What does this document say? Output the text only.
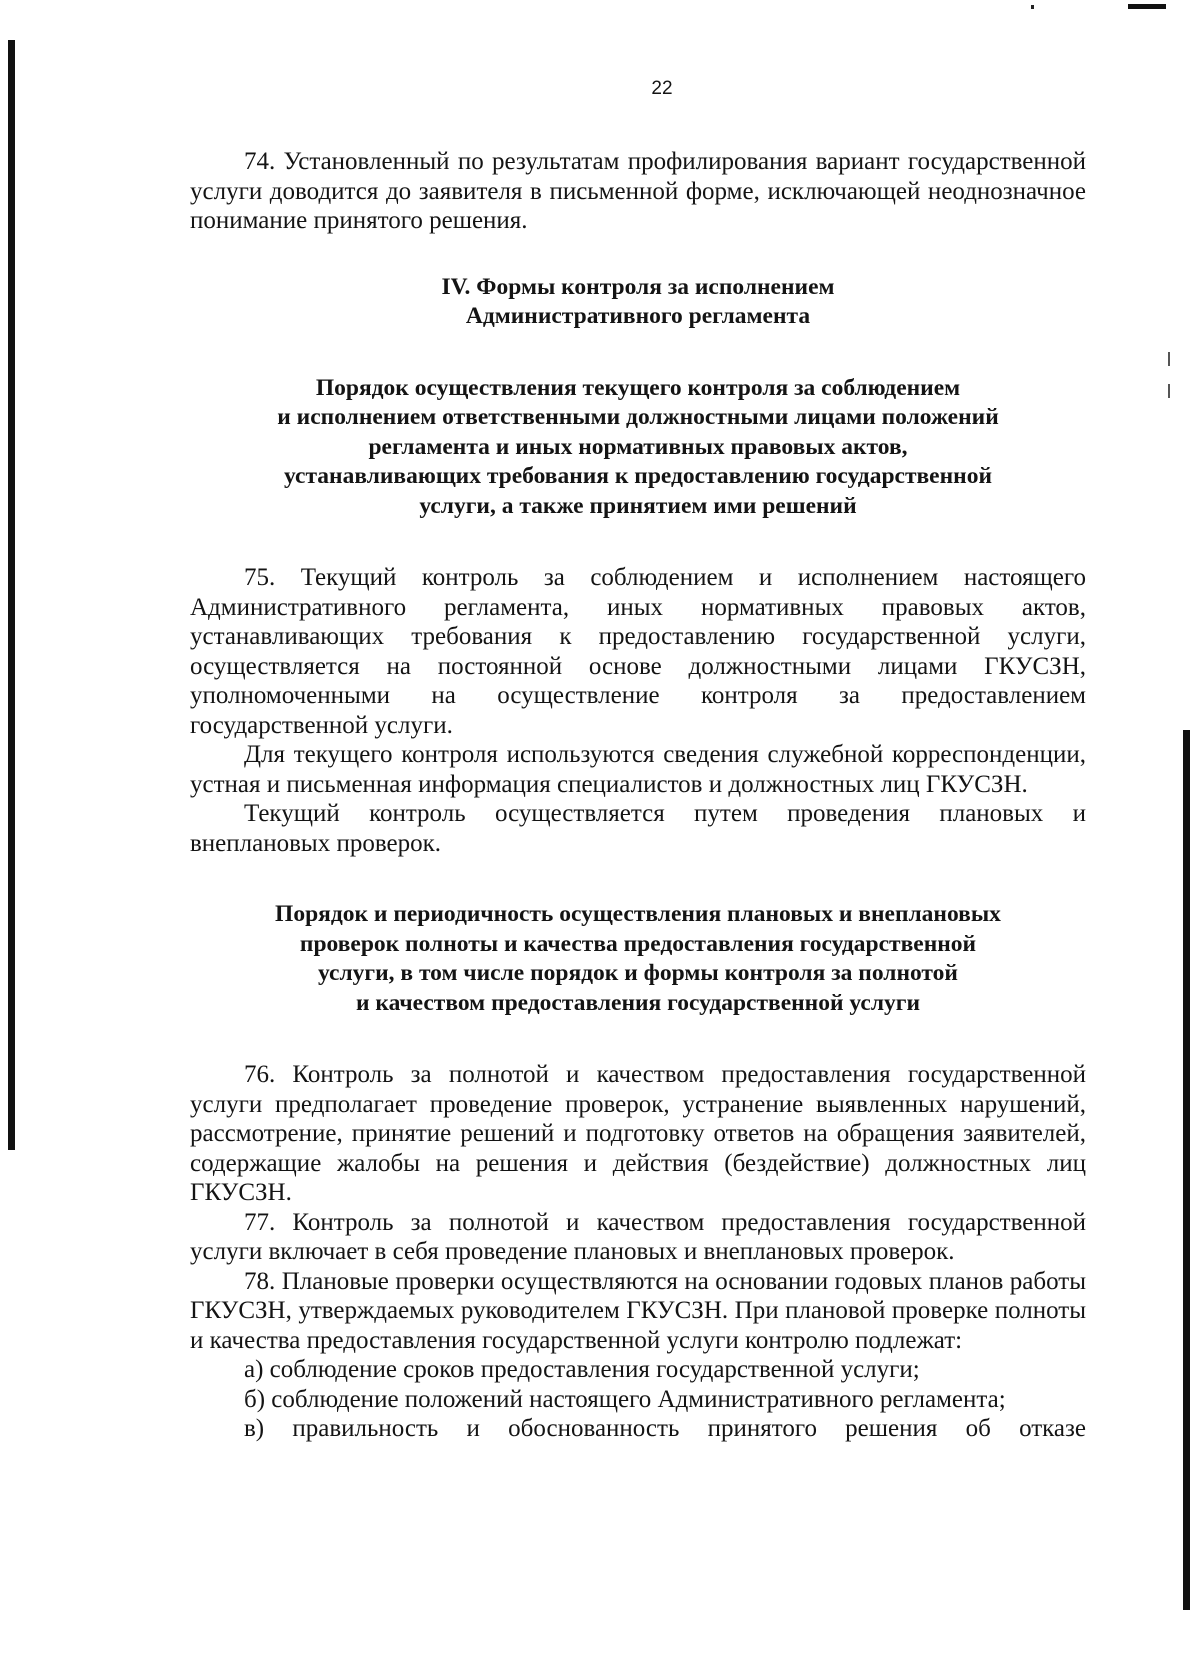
22

74. Установленный по результатам профилирования вариант государственной услуги доводится до заявителя в письменной форме, исключающей неоднозначное понимание принятого решения.

IV. Формы контроля за исполнением

Административного регламента

Порядок осуществления текущего контроля за соблюдением

и исполнением ответственными должностными лицами положений

регламента и иных нормативных правовых актов,

устанавливающих требования к предоставлению государственной

услуги, а также принятием ими решений

75. Текущий контроль за соблюдением и исполнением настоящего Административного регламента, иных нормативных правовых актов, устанавливающих требования к предоставлению государственной услуги, осуществляется на постоянной основе должностными лицами ГКУСЗН, уполномоченными на осуществление контроля за предоставлением государственной услуги.

Для текущего контроля используются сведения служебной корреспонденции, устная и письменная информация специалистов и должностных лиц ГКУСЗН.

Текущий контроль осуществляется путем проведения плановых и внеплановых проверок.

Порядок и периодичность осуществления плановых и внеплановых

проверок полноты и качества предоставления государственной

услуги, в том числе порядок и формы контроля за полнотой

и качеством предоставления государственной услуги

76. Контроль за полнотой и качеством предоставления государственной услуги предполагает проведение проверок, устранение выявленных нарушений, рассмотрение, принятие решений и подготовку ответов на обращения заявителей, содержащие жалобы на решения и действия (бездействие) должностных лиц ГКУСЗН.

77. Контроль за полнотой и качеством предоставления государственной услуги включает в себя проведение плановых и внеплановых проверок.

78. Плановые проверки осуществляются на основании годовых планов работы ГКУСЗН, утверждаемых руководителем ГКУСЗН. При плановой проверке полноты и качества предоставления государственной услуги контролю подлежат:

а) соблюдение сроков предоставления государственной услуги;

б) соблюдение положений настоящего Административного регламента;

в) правильность и обоснованность принятого решения об отказе
